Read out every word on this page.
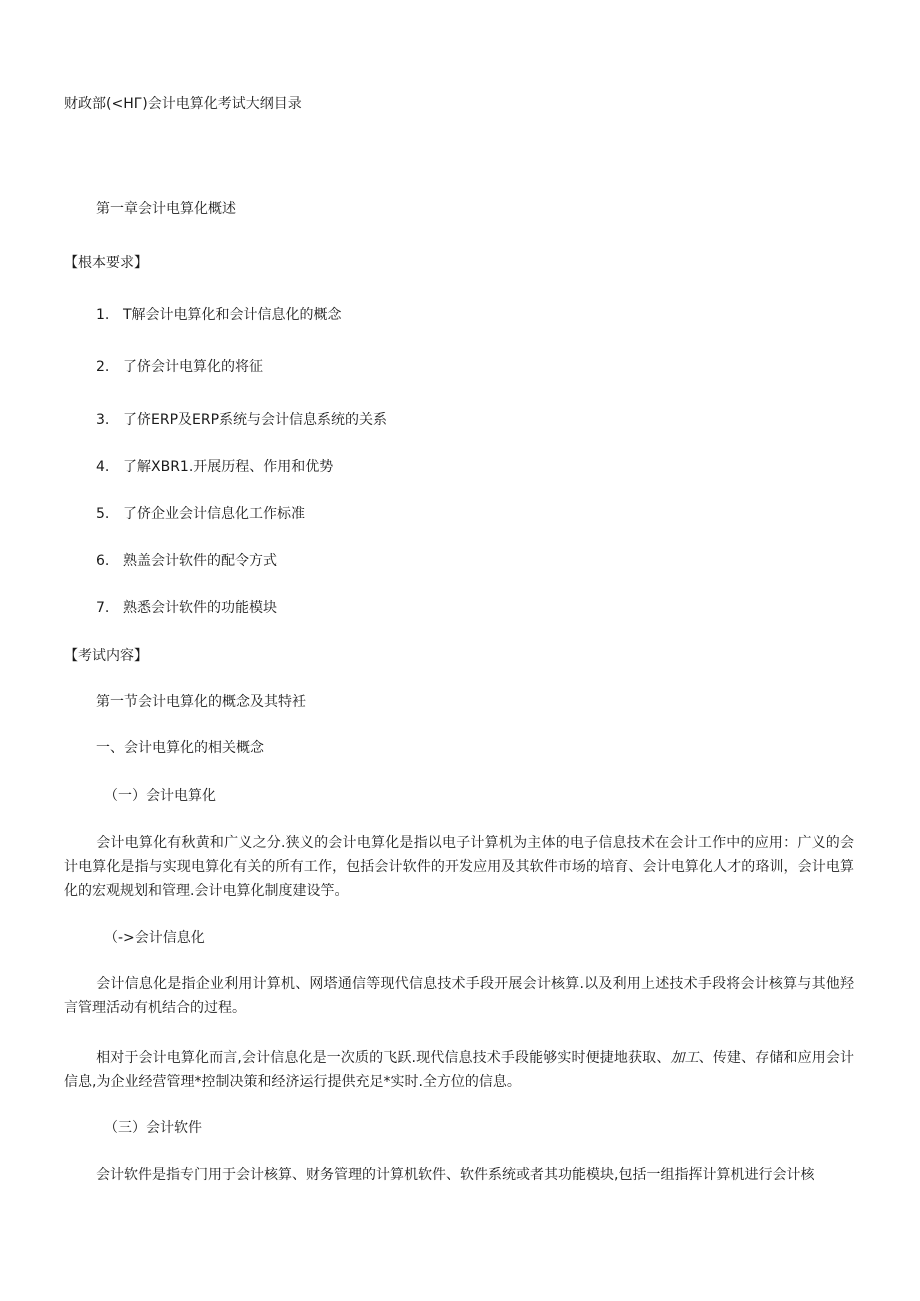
财政部(<HГ)会计电算化考试大纲目录
第一章会计电算化概述
【根本要求】
1. T解会计电算化和会计信息化的概念
2. 了侪会计电算化的将征
3. 了侪ERP及ERP系统与会计信息系统的关系
4. 了解XBR1.开展历程、作用和优势
5. 了侪企业会计信息化工作标准
6. 熟盖会计软件的配令方式
7. 熟悉会计软件的功能模块
【考试内容】
第一节会计电算化的概念及其特衽
一、会计电算化的相关概念
（一）会计电算化
会计电算化有秋黄和广义之分.狭义的会计电算化是指以电子计算机为主体的电子信息技术在会计工作中的应用：广义的会计电算化是指与实现电算化有关的所有工作，包括会计软件的开发应用及其软件市场的培育、会计电算化人才的珞训，会计电算化的宏观规划和管理.会计电算化制度建设竽。
（->会计信息化
会计信息化是指企业利用计算机、网塔通信等现代信息技术手段开展会计核算.以及利用上述技术手段将会计核算与其他羟言管理活动有机结合的过程。
相对于会计电算化而言,会计信息化是一次质的飞跃.现代信息技术手段能够实时便捷地获取、加工、传建、存储和应用会计信息,为企业经营管理*控制决策和经济运行提供充足*实时.全方位的信息。
（三）会计软件
会计软件是指专门用于会计核算、财务管理的计算机软件、软件系统或者其功能模块,包括一组指挥计算机进行会计核
